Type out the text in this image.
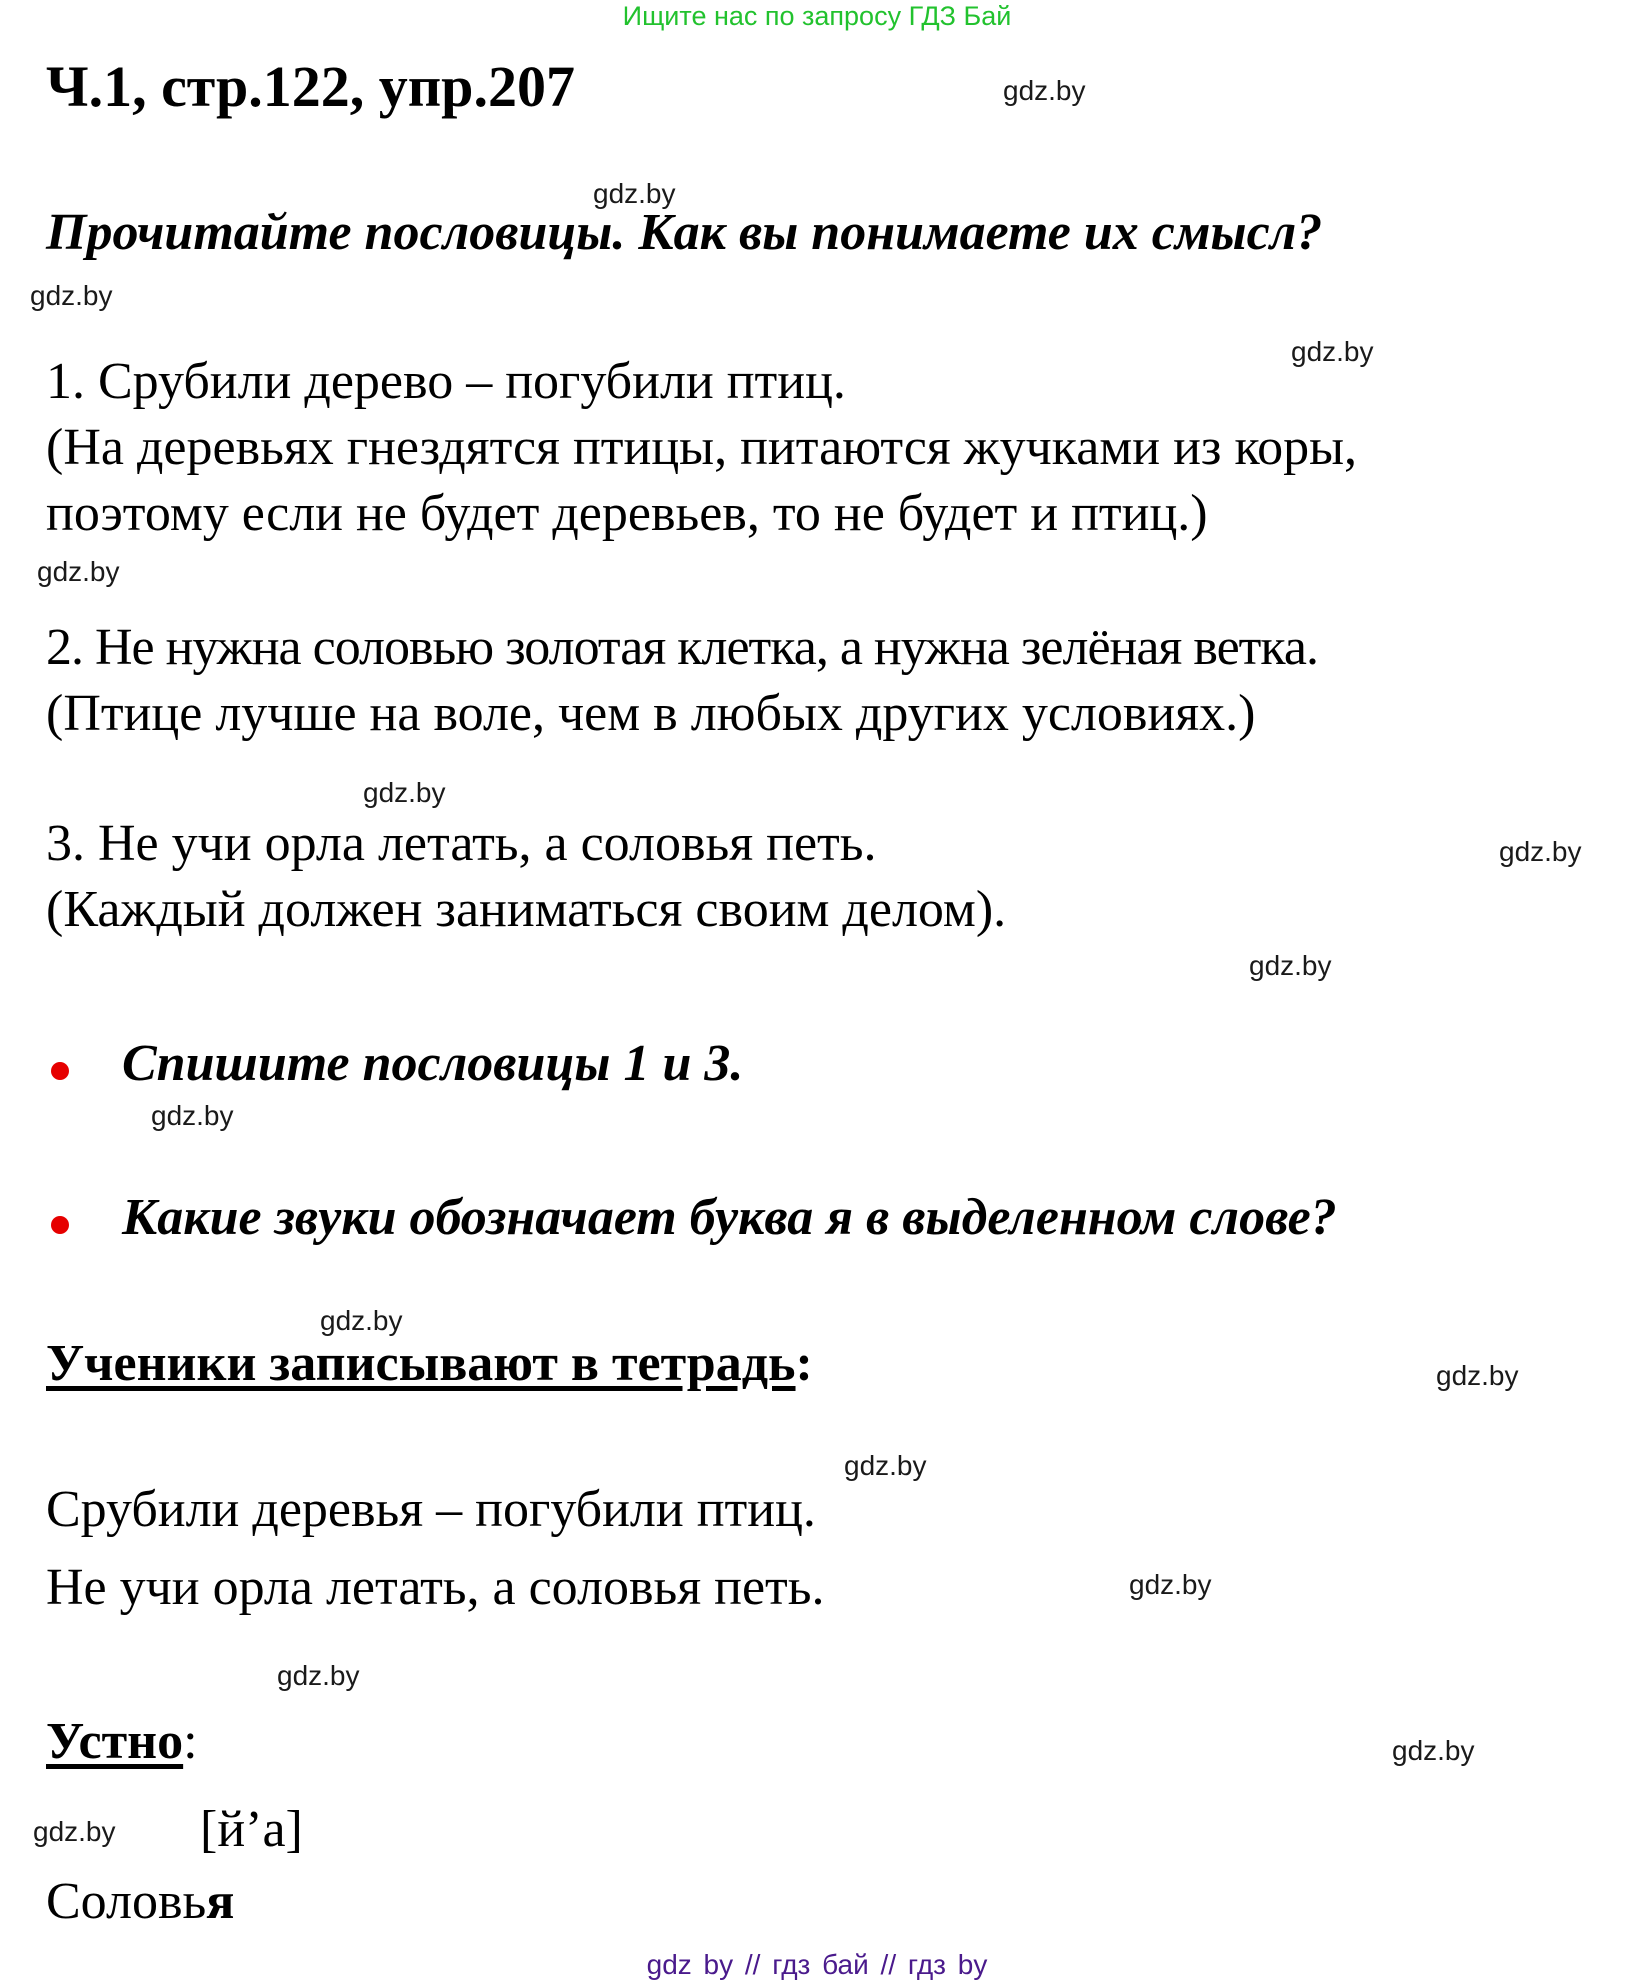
Ищите нас по запросу ГДЗ Бай
Ч.1, стр.122, упр.207	gdz.by
gdz.by
Прочитайте пословицы. Как вы понимаете их смысл?
gdz.by
gdz.by
1. Срубили дерево – погубили птиц.
(На деревьях гнездятся птицы, питаются жучками из коры,
поэтому если не будет деревьев, то не будет и птиц.)
gdz.by
2. Не нужна соловью золотая клетка, а нужна зелёная ветка.
(Птице лучше на воле, чем в любых других условиях.)
gdz.by
3. Не учи орла летать, а соловья петь.	gdz.by
(Каждый должен заниматься своим делом).
gdz.by
Спишите пословицы 1 и 3.
gdz.by
Какие звуки обозначает буква я в выделенном слове?
gdz.by
Ученики записывают в тетрадь:	gdz.by
gdz.by
Срубили деревья – погубили птиц.
Не учи орла летать, а соловья петь.	gdz.by
gdz.by
Устно:	gdz.by
[й’а]
gdz.by
Соловья
gdz by // гдз бай // гдз by
